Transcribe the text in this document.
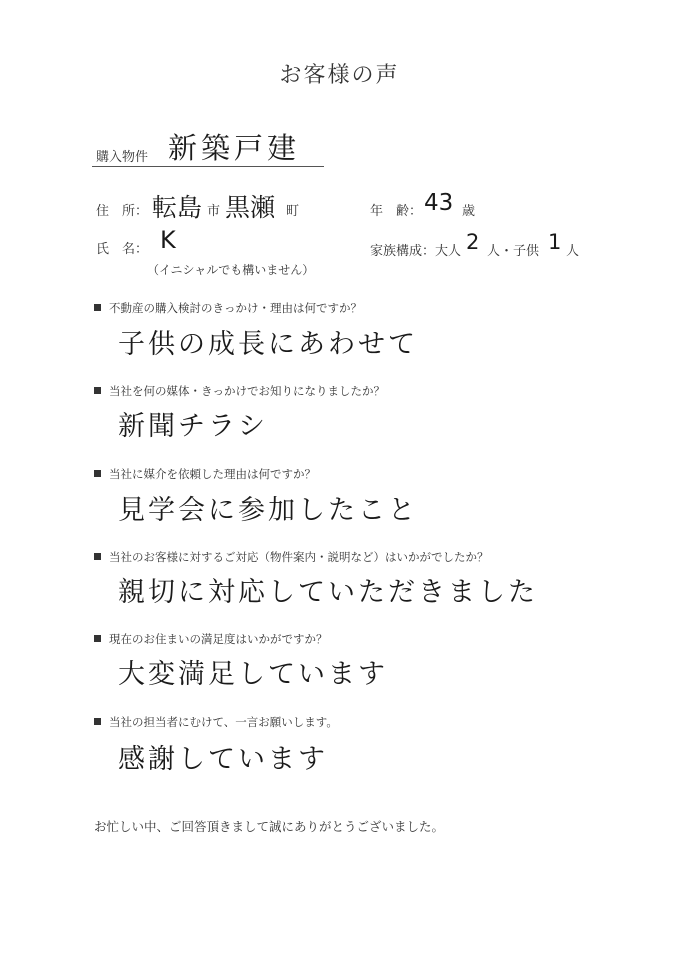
お客様の声
購入物件 新築戸建
住　所： 転島 市 黒瀬 町	年　齢： 43 歳
氏　名： K
（イニシャルでも構いません）
家族構成：大人 2 人・子供 1 人
不動産の購入検討のきっかけ・理由は何ですか？
子供の成長にあわせて
当社を何の媒体・きっかけでお知りになりましたか？
新聞チラシ
当社に媒介を依頼した理由は何ですか？
見学会に参加したこと
当社のお客様に対するご対応（物件案内・説明など）はいかがでしたか？
親切に対応していただきました
現在のお住まいの満足度はいかがですか？
大変満足しています
当社の担当者にむけて、一言お願いします。
感謝しています
お忙しい中、ご回答頂きまして誠にありがとうございました。
